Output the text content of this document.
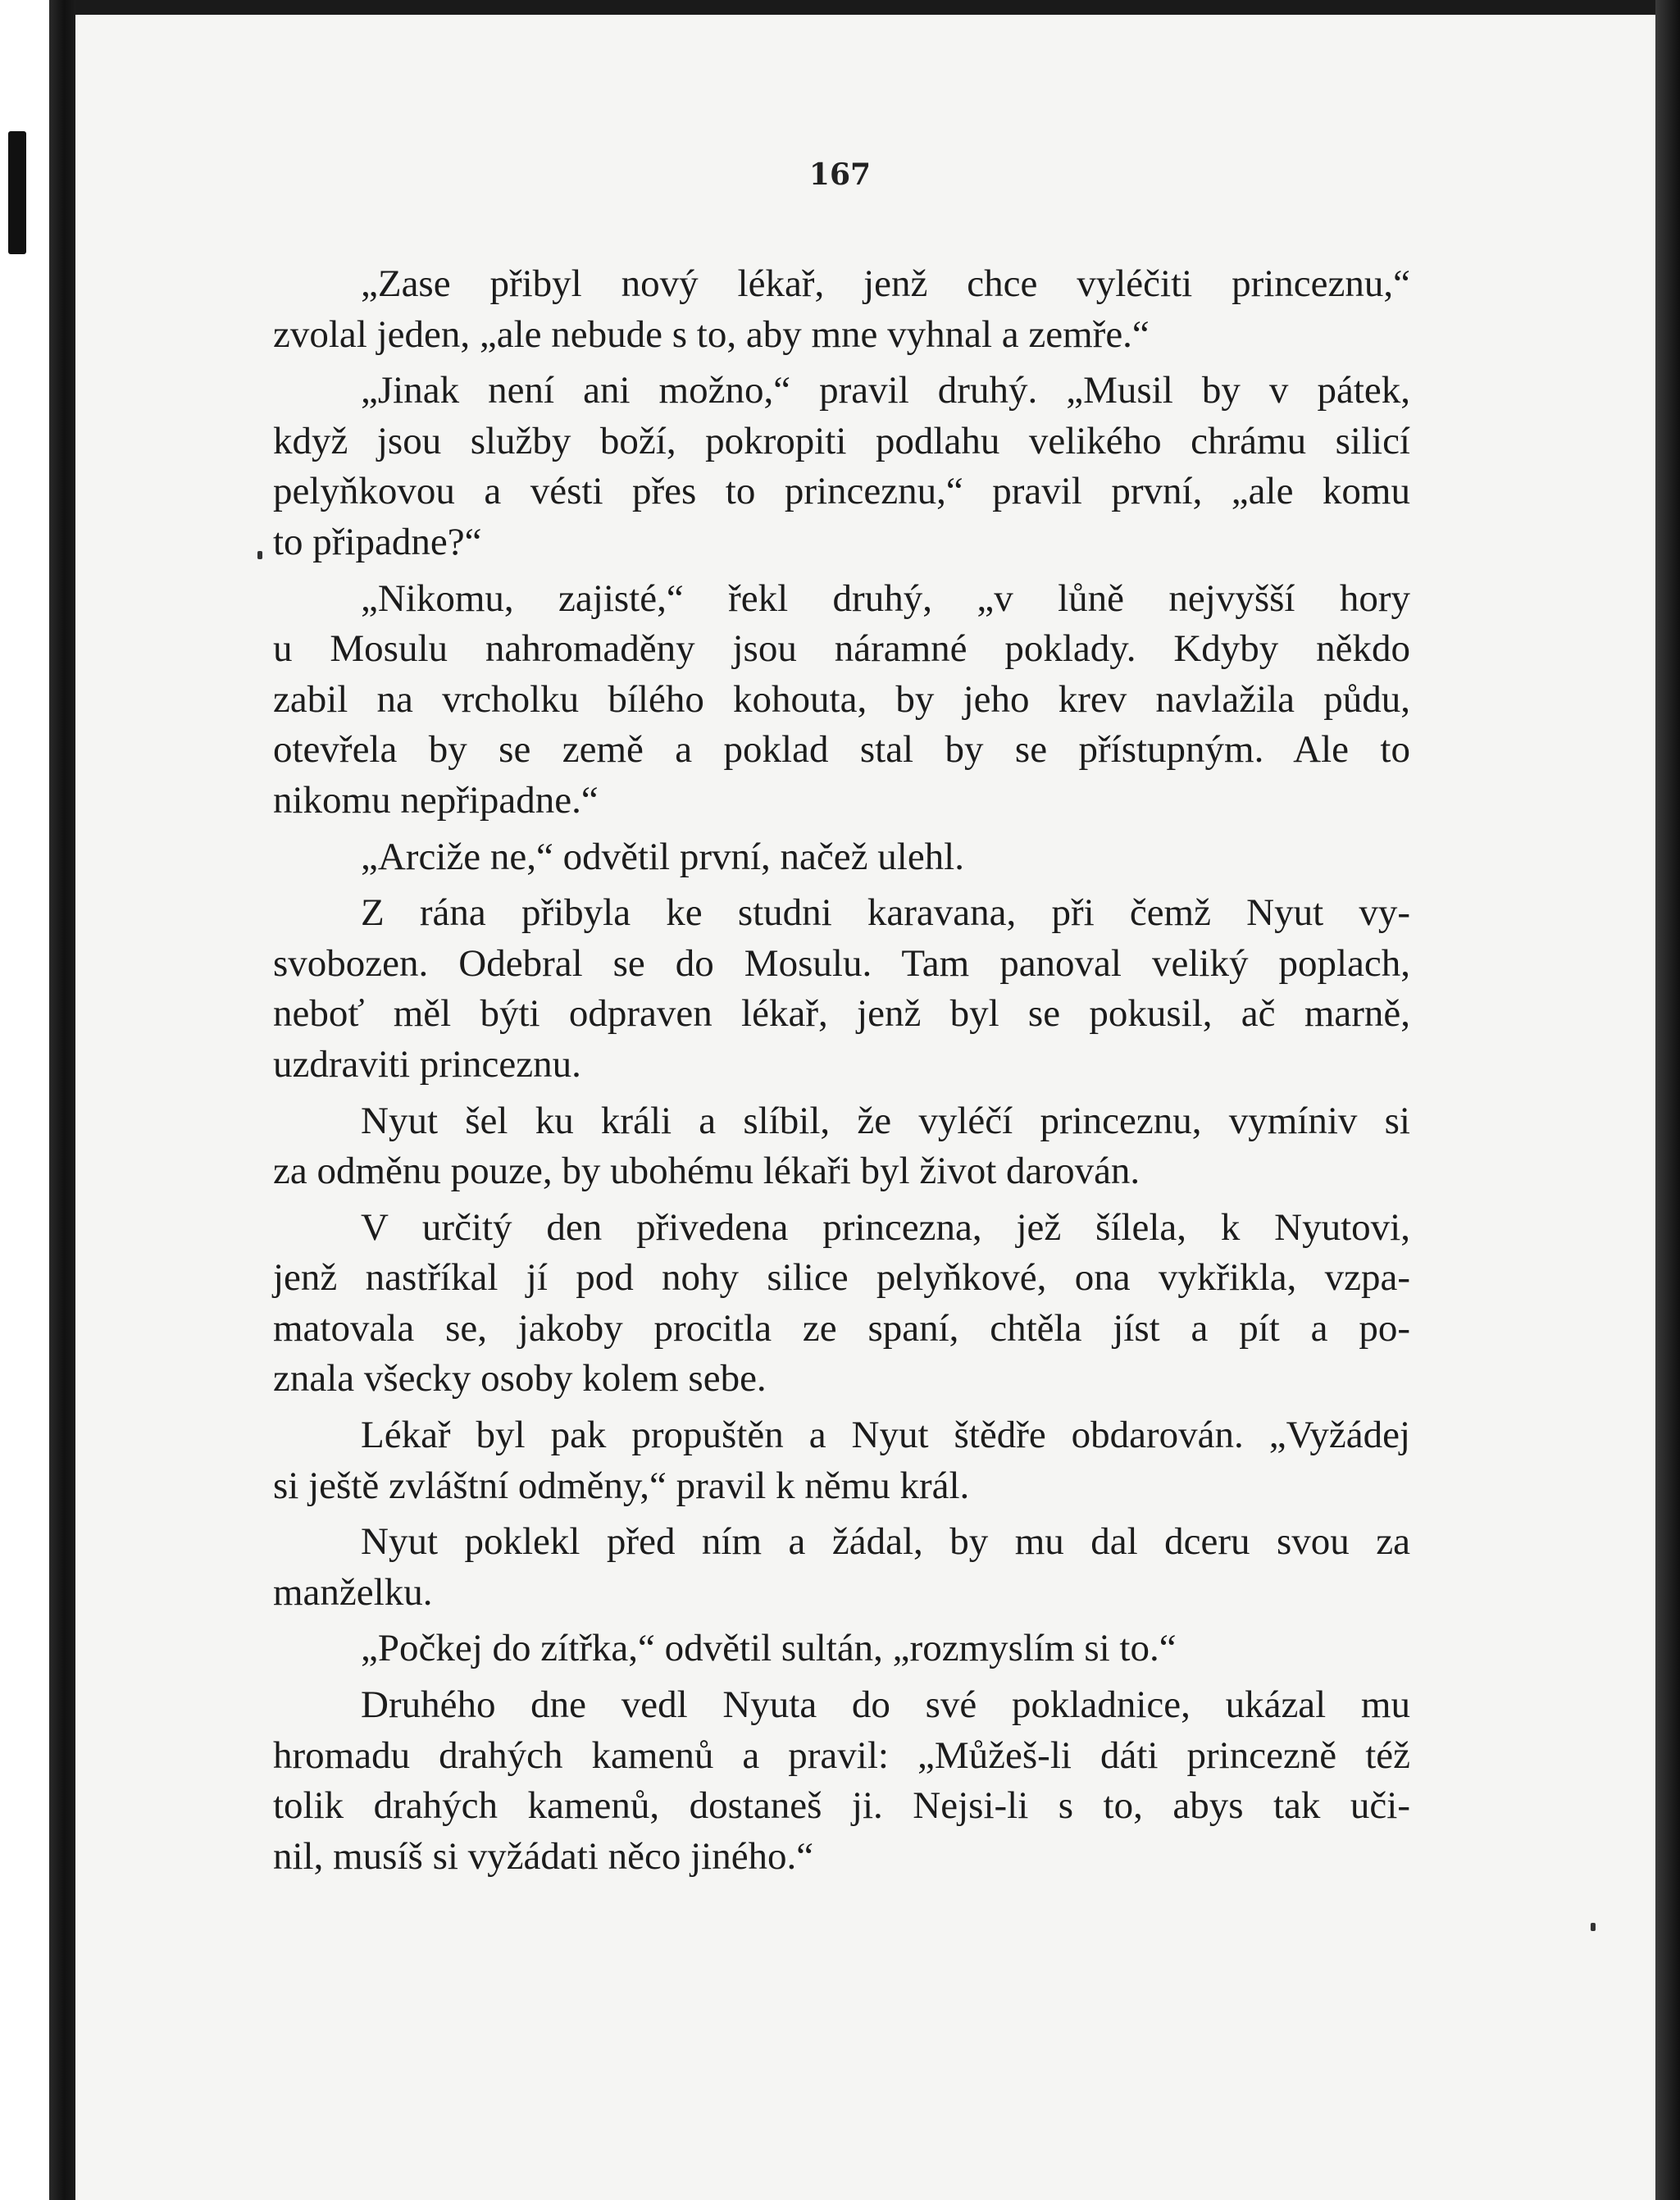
167
„Zase přibyl nový lékař, jenž chce vyléčiti princeznu,“
zvolal jeden, „ale nebude s to, aby mne vyhnal a zemře.“
„Jinak není ani možno,“ pravil druhý. „Musil by v pátek,
když jsou služby boží, pokropiti podlahu velikého chrámu silicí
pelyňkovou a vésti přes to princeznu,“ pravil první, „ale komu
to připadne?“
„Nikomu, zajisté,“ řekl druhý, „v lůně nejvyšší hory
u Mosulu nahromaděny jsou náramné poklady. Kdyby někdo
zabil na vrcholku bílého kohouta, by jeho krev navlažila půdu,
otevřela by se země a poklad stal by se přístupným. Ale to
nikomu nepřipadne.“
„Arciže ne,“ odvětil první, načež ulehl.
Z rána přibyla ke studni karavana, při čemž Nyut vy-
svobozen. Odebral se do Mosulu. Tam panoval veliký poplach,
neboť měl býti odpraven lékař, jenž byl se pokusil, ač marně,
uzdraviti princeznu.
Nyut šel ku králi a slíbil, že vyléčí princeznu, vymíniv si
za odměnu pouze, by ubohému lékaři byl život darován.
V určitý den přivedena princezna, jež šílela, k Nyutovi,
jenž nastříkal jí pod nohy silice pelyňkové, ona vykřikla, vzpa-
matovala se, jakoby procitla ze spaní, chtěla jíst a pít a po-
znala všecky osoby kolem sebe.
Lékař byl pak propuštěn a Nyut štědře obdarován. „Vyžádej
si ještě zvláštní odměny,“ pravil k němu král.
Nyut poklekl před ním a žádal, by mu dal dceru svou za
manželku.
„Počkej do zítřka,“ odvětil sultán, „rozmyslím si to.“
Druhého dne vedl Nyuta do své pokladnice, ukázal mu
hromadu drahých kamenů a pravil: „Můžeš-li dáti princezně též
tolik drahých kamenů, dostaneš ji. Nejsi-li s to, abys tak uči-
nil, musíš si vyžádati něco jiného.“
